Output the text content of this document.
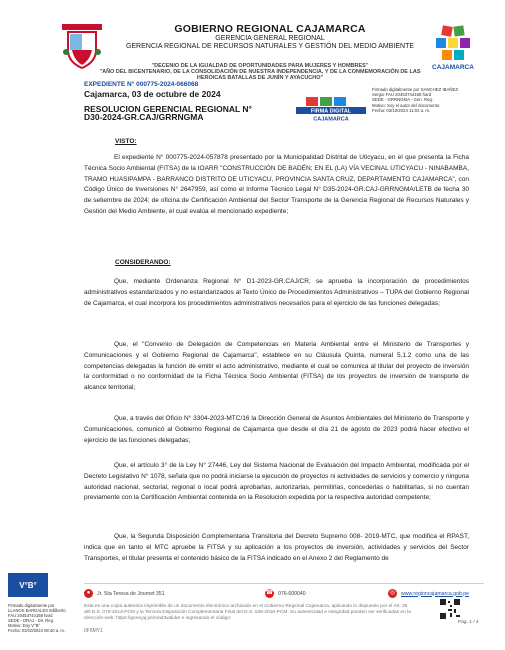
GOBIERNO REGIONAL CAJAMARCA
GERENCIA GENERAL REGIONAL
GERENCIA REGIONAL DE RECURSOS NATURALES Y GESTIÓN DEL MEDIO AMBIENTE
CAJAMARCA
"DECENIO DE LA IGUALDAD DE OPORTUNIDADES PARA MUJERES Y HOMBRES"
"AÑO DEL BICENTENARIO, DE LA CONSOLIDACIÓN DE NUESTRA INDEPENDENCIA, Y DE LA CONMEMORACIÓN DE LAS HEROICAS BATALLAS DE JUNÍN Y AYACUCHO"
EXPEDIENTE N° 000775-2024-066068
Cajamarca, 03 de octubre de 2024
RESOLUCION GERENCIAL REGIONAL N° D30-2024-GR.CAJ/GRRNGMA
FIRMA DIGITAL
CAJAMARCA
Firmado digitalmente por SANCHEZ IBAÑEZ
Sergio FAU 20453744168 hard
SEDE - GRRNGMA - Gen. Reg.
Motivo: Soy el autor del documento
Fecha: 03/10/2024 11:02 a. m.
VISTO:

El expediente N° 000775-2024-057878 presentado por la Municipalidad Distrital de Uticyacu, en el que presenta la Ficha Técnica Socio Ambiental (FITSA) de la IOARR "CONSTRUCCIÓN DE BADÉN; EN EL (LA) VÍA VECINAL UTICYACU - NINABAMBA, TRAMO HUASIPAMPA - BARRANCO DISTRITO DE UTICYACU, PROVINCIA SANTA CRUZ, DEPARTAMENTO CAJAMARCA", con Código Único de Inversiones N° 2647959, así como el Informe Técnico Legal N° D35-2024-GR.CAJ-GRRNGMA/LETB de fecha 30 de setiembre de 2024; de oficina de Certificación Ambiental del Sector Transporte de la Gerencia Regional de Recursos Naturales y Gestión del Medio Ambiente, el cual evalúa el mencionado expediente;

CONSIDERANDO:

Que, mediante Ordenanza Regional N° D1-2023-GR.CAJ/CR, se aprueba la incorporación de procedimientos administrativos estandarizados y no estandarizados al Texto Único de Procedimientos Administrativos – TUPA del Gobierno Regional de Cajamarca, el cual incorpora los procedimientos administrativos necesarios para el ejercicio de las funciones delegadas;

Que, el "Convenio de Delegación de Competencias en Materia Ambiental entre el Ministerio de Transportes y Comunicaciones y el Gobierno Regional de Cajamarca", establece en su Cláusula Quinta, numeral 5.1.2 como una de las competencias delegadas la función de emitir el acto administrativo, mediante el cual se comunica al titular del proyecto de inversión la conformidad o no conformidad de la Ficha Técnica Socio Ambiental (FITSA) de los proyectos de inversión de transporte de alcance territorial;

Que, a través del Oficio N° 3304-2023-MTC/16 la Dirección General de Asuntos Ambientales del Ministerio de Transporte y Comunicaciones, comunicó al Gobierno Regional de Cajamarca que desde el día 21 de agosto de 2023 podrá hacer efectivo el ejercicio de las funciones delegadas;

Que, el artículo 3° de la Ley N° 27446, Ley del Sistema Nacional de Evaluación del Impacto Ambiental, modificada por el Decreto Legislativo N° 1078, señala que no podrá iniciarse la ejecución de proyectos ni actividades de servicios y comercio y ninguna autoridad nacional, sectorial, regional o local podrá aprobarlas, autorizarlas, permitirlas, concederlas o habilitarlas, si no cuentan previamente con la Certificación Ambiental contenida en la Resolución expedida por la respectiva autoridad competente;

Que, la Segunda Disposición Complementaria Transitoria del Decreto Supremo 008- 2019-MTC, que modifica el RPAST, indica que en tanto el MTC apruebe la FITSA y su aplicación a los proyectos de inversión, actividades y servicios del Sector Transportes, el titular presenta el contenido básico de la FITSA indicado en el Anexo 2 del Reglamento de

V°B°
Firmado digitalmente por
LLANOS BARDALES Edilberto
FAU 20453744168 hard
SEDE - DRAJ - Dir. Reg.
Motivo: Doy V°B°
Fecha: 03/10/2024 08:40 a. m.
●	Jr. Sta Teresa de Journet 351	☎ 076-600040	◎	www.regioncajamarca.gob.pe
Esta es una copia auténtica imprimible de un documento electrónico archivado en el Gobierno Regional Cajamarca, aplicando lo dispuesto por el Art. 25 del D.S. 070-2013-PCM y la Tercera Disposición Complementaria Final del D.S. 026-2016-PCM. Su autenticidad e integridad pueden ser verificadas en la dirección web: https://goreçaj.pe/mad3validar e ingresando el código:
0F8MY1
Pág. 1 / 4
